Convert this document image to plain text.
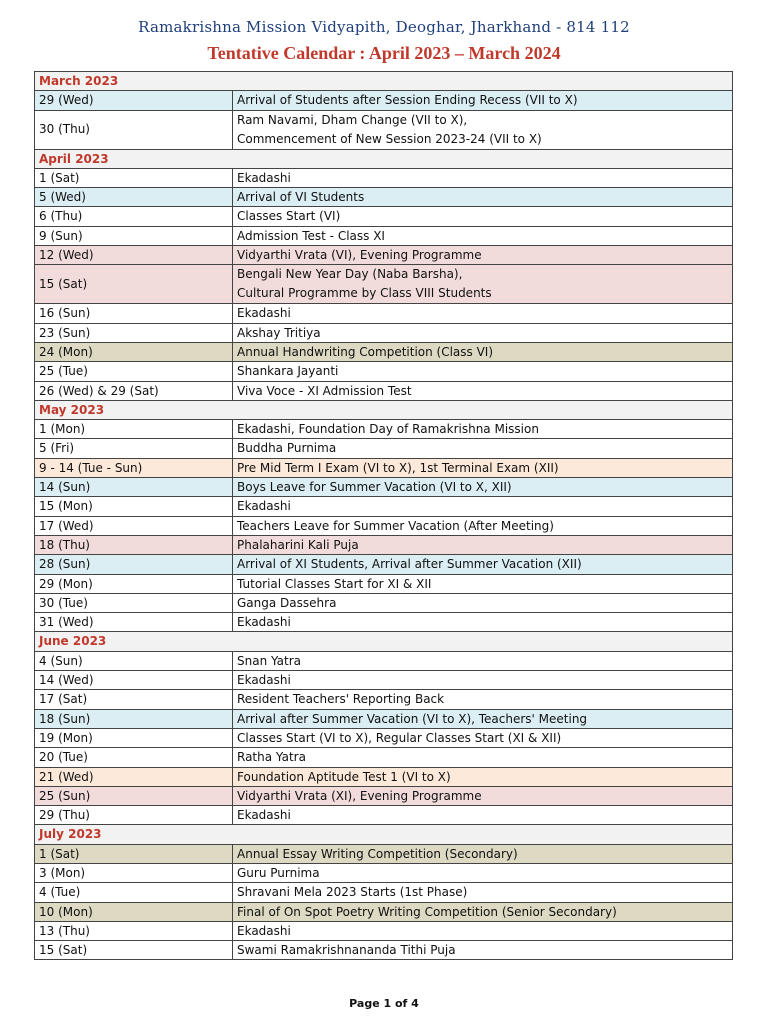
Ramakrishna Mission Vidyapith, Deoghar, Jharkhand - 814 112
Tentative Calendar : April 2023 – March 2024
March 2023	
29 (Wed)	Arrival of Students after Session Ending Recess (VII to X)
30 (Thu)	Ram Navami, Dham Change (VII to X),
Commencement of New Session 2023-24 (VII to X)

April 2023	
1 (Sat)	Ekadashi
5 (Wed)	Arrival of VI Students
6 (Thu)	Classes Start (VI)
9 (Sun)	Admission Test - Class XI
12 (Wed)	Vidyarthi Vrata (VI), Evening Programme
15 (Sat)	Bengali New Year Day (Naba Barsha),
Cultural Programme by Class VIII Students

16 (Sun)	Ekadashi
23 (Sun)	Akshay Tritiya
24 (Mon)	Annual Handwriting Competition (Class VI)
25 (Tue)	Shankara Jayanti
26 (Wed) & 29 (Sat)	Viva Voce - XI Admission Test
May 2023	
1 (Mon)	Ekadashi, Foundation Day of Ramakrishna Mission
5 (Fri)	Buddha Purnima
9 - 14 (Tue - Sun)	Pre Mid Term I Exam (VI to X), 1st Terminal Exam (XII)
14 (Sun)	Boys Leave for Summer Vacation (VI to X, XII)
15 (Mon)	Ekadashi
17 (Wed)	Teachers Leave for Summer Vacation (After Meeting)
18 (Thu)	Phalaharini Kali Puja
28 (Sun)	Arrival of XI Students, Arrival after Summer Vacation (XII)
29 (Mon)	Tutorial Classes Start for XI & XII
30 (Tue)	Ganga Dassehra
31 (Wed)	Ekadashi
June 2023	
4 (Sun)	Snan Yatra
14 (Wed)	Ekadashi
17 (Sat)	Resident Teachers' Reporting Back
18 (Sun)	Arrival after Summer Vacation (VI to X), Teachers' Meeting
19 (Mon)	Classes Start (VI to X), Regular Classes Start (XI & XII)
20 (Tue)	Ratha Yatra
21 (Wed)	Foundation Aptitude Test 1 (VI to X)
25 (Sun)	Vidyarthi Vrata (XI), Evening Programme
29 (Thu)	Ekadashi
July 2023	
1 (Sat)	Annual Essay Writing Competition (Secondary)
3 (Mon)	Guru Purnima
4 (Tue)	Shravani Mela 2023 Starts (1st Phase)
10 (Mon)	Final of On Spot Poetry Writing Competition (Senior Secondary)
13 (Thu)	Ekadashi
15 (Sat)	Swami Ramakrishnananda Tithi Puja
Page 1 of 4
